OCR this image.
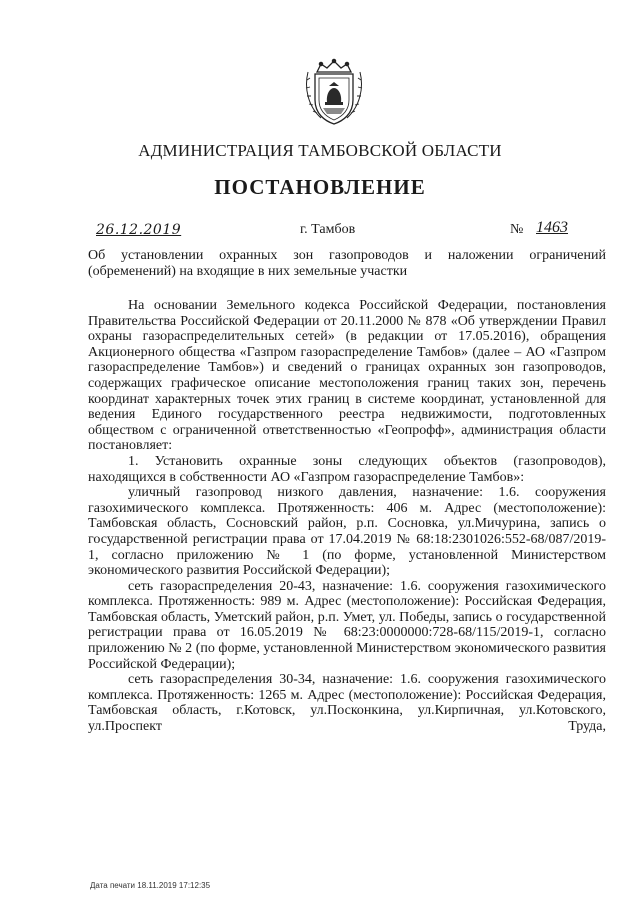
АДМИНИСТРАЦИЯ ТАМБОВСКОЙ ОБЛАСТИ
ПОСТАНОВЛЕНИЕ
26.12.2019	г. Тамбов	№ 1463
Об установлении охранных зон газопроводов и наложении ограничений (обременений) на входящие в них земельные участки

На основании Земельного кодекса Российской Федерации, постановления Правительства Российской Федерации от 20.11.2000 № 878 «Об утверждении Правил охраны газораспределительных сетей» (в редакции от 17.05.2016), обращения Акционерного общества «Газпром газораспределение Тамбов» (далее – АО «Газпром газораспределение Тамбов») и сведений о границах охранных зон газопроводов, содержащих графическое описание местоположения границ таких зон, перечень координат характерных точек этих границ в системе координат, установленной для ведения Единого государственного реестра недвижимости, подготовленных обществом с ограниченной ответственностью «Геопрофф», администрация области постановляет:

1. Установить охранные зоны следующих объектов (газопроводов), находящихся в собственности АО «Газпром газораспределение Тамбов»:

уличный газопровод низкого давления, назначение: 1.6. сооружения газохимического комплекса. Протяженность: 406 м. Адрес (местоположение): Тамбовская область, Сосновский район, р.п. Сосновка, ул.Мичурина, запись о государственной регистрации права от 17.04.2019 № 68:18:2301026:552-68/087/2019-1, согласно приложению № 1 (по форме, установленной Министерством экономического развития Российской Федерации);

сеть газораспределения 20-43, назначение: 1.6. сооружения газохимического комплекса. Протяженность: 989 м. Адрес (местоположение): Российская Федерация, Тамбовская область, Уметский район, р.п. Умет, ул. Победы, запись о государственной регистрации права от 16.05.2019 № 68:23:0000000:728-68/115/2019-1, согласно приложению № 2 (по форме, установленной Министерством экономического развития Российской Федерации);

сеть газораспределения 30-34, назначение: 1.6. сооружения газохимического комплекса. Протяженность: 1265 м. Адрес (местоположение): Российская Федерация, Тамбовская область, г.Котовск, ул.Посконкина, ул.Кирпичная, ул.Котовского, ул.Проспект Труда,

Дата печати 18.11.2019 17:12:35
